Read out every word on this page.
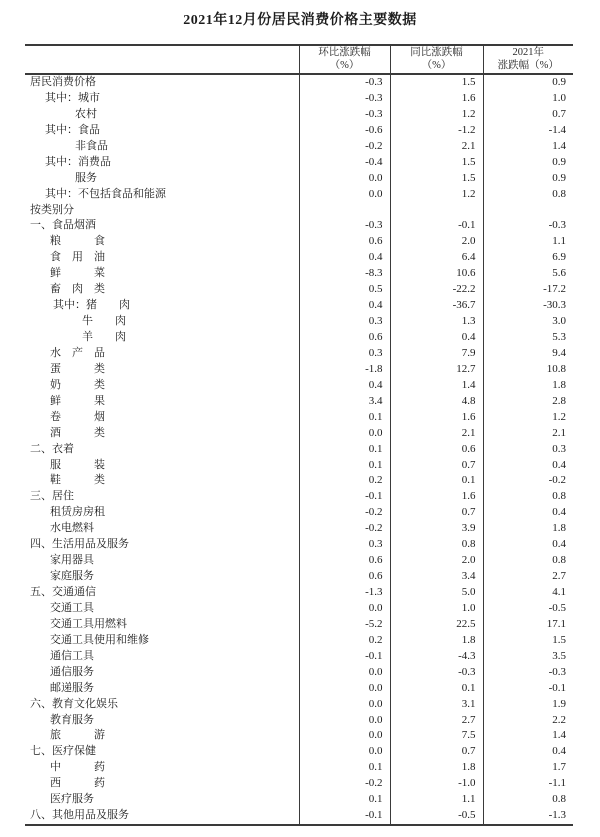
2021年12月份居民消费价格主要数据

环比涨跌幅
（%）

同比涨跌幅
（%）

2021年
涨跌幅（%）

居民消费价格	-0.3	1.5	0.9
其中：城市	-0.3	1.6	1.0
农村	-0.3	1.2	0.7
其中：食品	-0.6	-1.2	-1.4
非食品	-0.2	2.1	1.4
其中：消费品	-0.4	1.5	0.9
服务	0.0	1.5	0.9
其中：不包括食品和能源	0.0	1.2	0.8
按类别分			
一、食品烟酒	-0.3	-0.1	-0.3
粮　　　食	0.6	2.0	1.1
食　用　油	0.4	6.4	6.9
鲜　　　菜	-8.3	10.6	5.6
畜　肉　类	0.5	-22.2	-17.2
其中：猪　　肉	0.4	-36.7	-30.3
牛　　肉	0.3	1.3	3.0
羊　　肉	0.6	0.4	5.3
水　产　品	0.3	7.9	9.4
蛋　　　类	-1.8	12.7	10.8
奶　　　类	0.4	1.4	1.8
鲜　　　果	3.4	4.8	2.8
卷　　　烟	0.1	1.6	1.2
酒　　　类	0.0	2.1	2.1
二、衣着	0.1	0.6	0.3
服　　　装	0.1	0.7	0.4
鞋　　　类	0.2	0.1	-0.2
三、居住	-0.1	1.6	0.8
租赁房房租	-0.2	0.7	0.4
水电燃料	-0.2	3.9	1.8
四、生活用品及服务	0.3	0.8	0.4
家用器具	0.6	2.0	0.8
家庭服务	0.6	3.4	2.7
五、交通通信	-1.3	5.0	4.1
交通工具	0.0	1.0	-0.5
交通工具用燃料	-5.2	22.5	17.1
交通工具使用和维修	0.2	1.8	1.5
通信工具	-0.1	-4.3	3.5
通信服务	0.0	-0.3	-0.3
邮递服务	0.0	0.1	-0.1
六、教育文化娱乐	0.0	3.1	1.9
教育服务	0.0	2.7	2.2
旅　　　游	0.0	7.5	1.4
七、医疗保健	0.0	0.7	0.4
中　　　药	0.1	1.8	1.7
西　　　药	-0.2	-1.0	-1.1
医疗服务	0.1	1.1	0.8
八、其他用品及服务	-0.1	-0.5	-1.3
